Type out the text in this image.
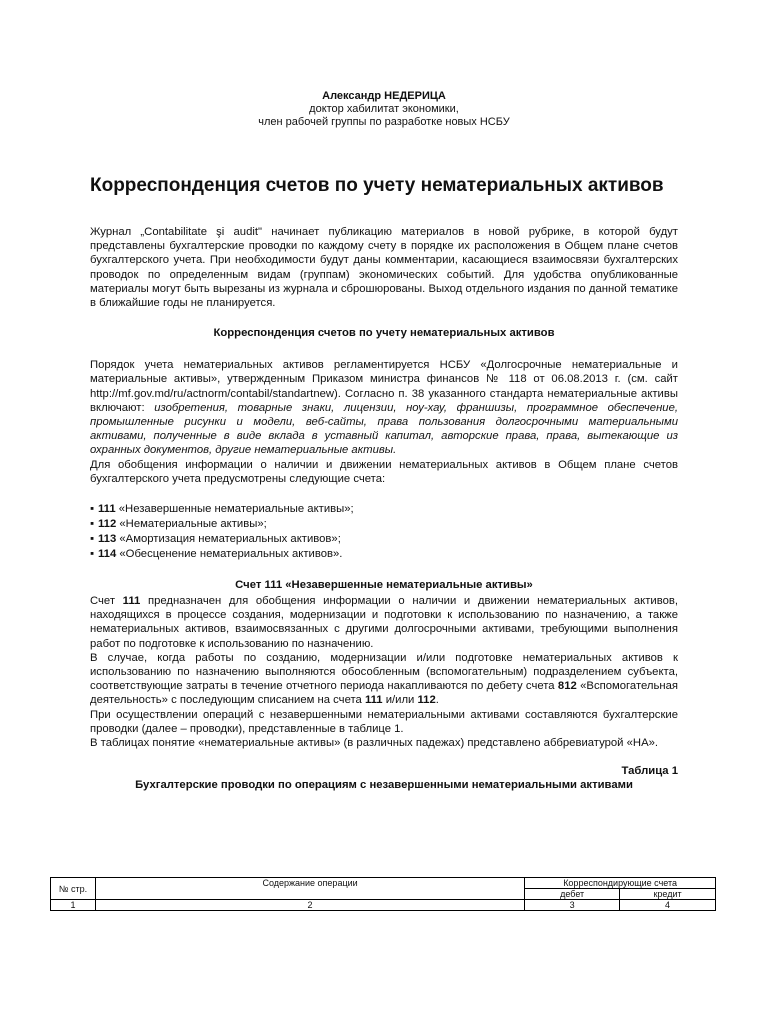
Александр НЕДЕРИЦА
доктор хабилитат экономики,
член рабочей группы по разработке новых НСБУ
Корреспонденция счетов по учету нематериальных активов

Журнал „Contabilitate şi audit" начинает публикацию материалов в новой рубрике, в которой будут представлены бухгалтерские проводки по каждому счету в порядке их расположения в Общем плане счетов бухгалтерского учета. При необходимости будут даны комментарии, касающиеся взаимосвязи бухгалтерских проводок по определенным видам (группам) экономических событий. Для удобства опубликованные материалы могут быть вырезаны из журнала и сброшюрованы. Выход отдельного издания по данной тематике в ближайшие годы не планируется.

Корреспонденция счетов по учету нематериальных активов

Порядок учета нематериальных активов регламентируется НСБУ «Долгосрочные нематериальные и материальные активы», утвержденным Приказом министра финансов № 118 от 06.08.2013 г. (см. сайт http://mf.gov.md/ru/actnorm/contabil/standartnew). Согласно п. 38 указанного стандарта нематериальные активы включают: изобретения, товарные знаки, лицензии, ноу-хау, франшизы, программное обеспечение, промышленные рисунки и модели, веб-сайты, права пользования долгосрочными материальными активами, полученные в виде вклада в уставный капитал, авторские права, права, вытекающие из охранных документов, другие нематериальные активы.

Для обобщения информации о наличии и движении нематериальных активов в Общем плане счетов бухгалтерского учета предусмотрены следующие счета:

▪ 111 «Незавершенные нематериальные активы»;
▪ 112 «Нематериальные активы»;
▪ 113 «Амортизация нематериальных активов»;
▪ 114 «Обесценение нематериальных активов».
Счет 111 «Незавершенные нематериальные активы»

Счет 111 предназначен для обобщения информации о наличии и движении нематериальных активов, находящихся в процессе создания, модернизации и подготовки к использованию по назначению, а также нематериальных активов, взаимосвязанных с другими долгосрочными активами, требующими выполнения работ по подготовке к использованию по назначению.

В случае, когда работы по созданию, модернизации и/или подготовке нематериальных активов к использованию по назначению выполняются обособленным (вспомогательным) подразделением субъекта, соответствующие затраты в течение отчетного периода накапливаются по дебету счета 812 «Вспомогательная деятельность» с последующим списанием на счета 111 и/или 112.

При осуществлении операций с незавершенными нематериальными активами составляются бухгалтерские проводки (далее – проводки), представленные в таблице 1.

В таблицах понятие «нематериальные активы» (в различных падежах) представлено аббревиатурой «НА».

Таблица 1
Бухгалтерские проводки по операциям с незавершенными нематериальными активами
№ стр.	Содержание операции	Корреспондирующие счета	
		дебет	кредит
1	2	3	4
